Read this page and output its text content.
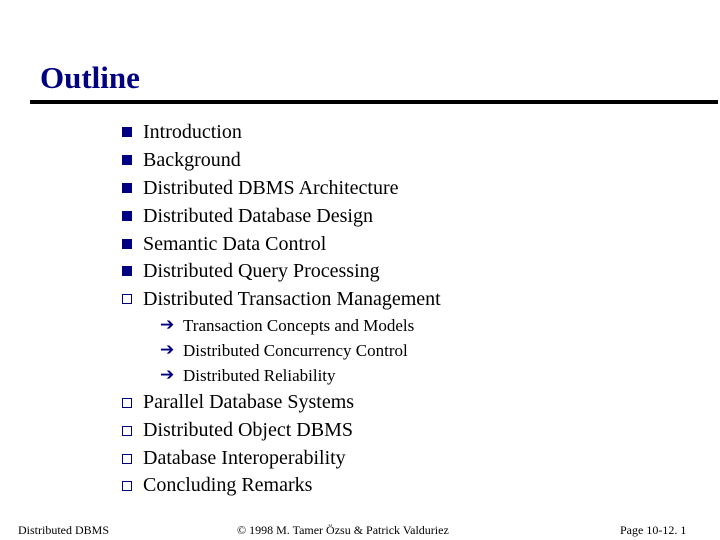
Outline
Introduction
Background
Distributed DBMS Architecture
Distributed Database Design
Semantic Data Control
Distributed Query Processing
Distributed Transaction Management
➔ Transaction Concepts and Models
➔ Distributed Concurrency Control
➔ Distributed Reliability
Parallel Database Systems
Distributed Object DBMS
Database Interoperability
Concluding Remarks
Distributed DBMS	© 1998 M. Tamer Özsu & Patrick Valduriez	Page 10-12. 1
